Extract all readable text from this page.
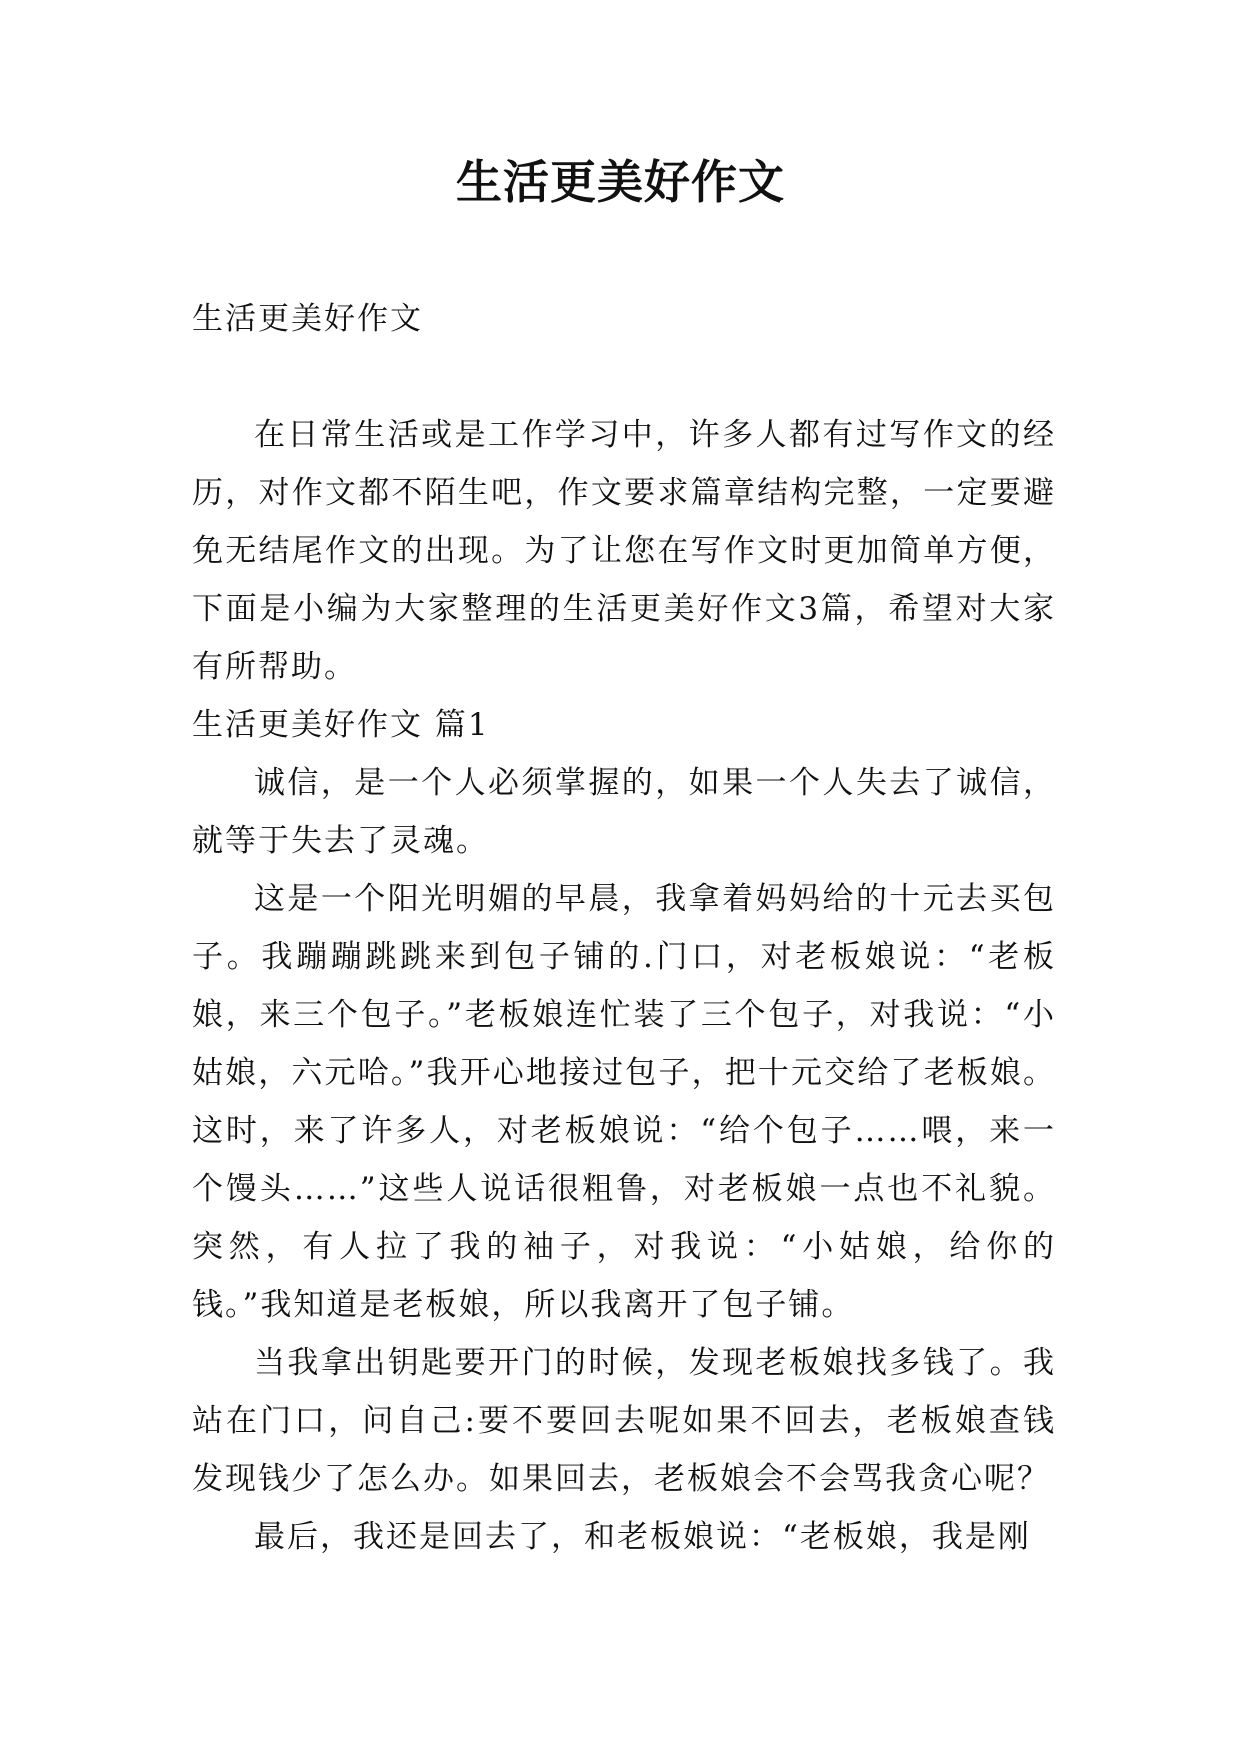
生活更美好作文

生活更美好作文

在日常生活或是工作学习中，许多人都有过写作文的经历，对作文都不陌生吧，作文要求篇章结构完整，一定要避免无结尾作文的出现。为了让您在写作文时更加简单方便，下面是小编为大家整理的生活更美好作文3篇，希望对大家有所帮助。

生活更美好作文 篇1

诚信，是一个人必须掌握的，如果一个人失去了诚信，就等于失去了灵魂。

这是一个阳光明媚的早晨，我拿着妈妈给的十元去买包子。我蹦蹦跳跳来到包子铺的.门口，对老板娘说：“老板娘，来三个包子。”老板娘连忙装了三个包子，对我说：“小姑娘，六元哈。”我开心地接过包子，把十元交给了老板娘。这时，来了许多人，对老板娘说：“给个包子……喂，来一个馒头……”这些人说话很粗鲁，对老板娘一点也不礼貌。突然，有人拉了我的袖子，对我说：“小姑娘，给你的钱。”我知道是老板娘，所以我离开了包子铺。

当我拿出钥匙要开门的时候，发现老板娘找多钱了。我站在门口，问自己:要不要回去呢如果不回去，老板娘查钱发现钱少了怎么办。如果回去，老板娘会不会骂我贪心呢？

最后，我还是回去了，和老板娘说：“老板娘，我是刚
